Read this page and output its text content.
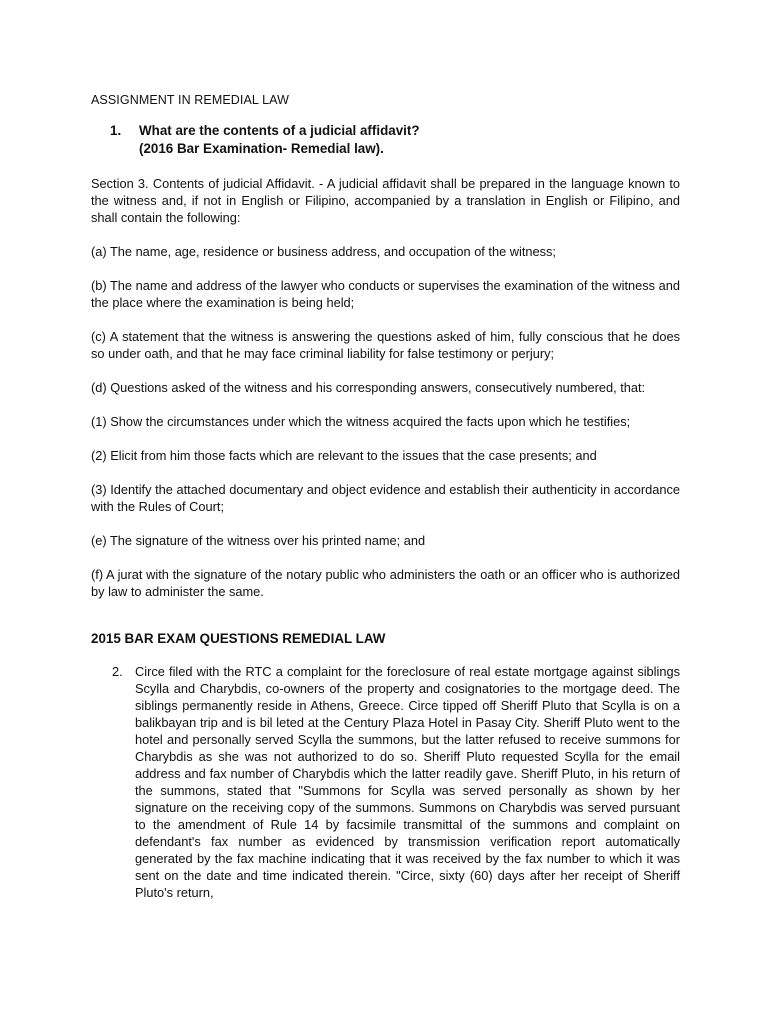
ASSIGNMENT IN REMEDIAL LAW
1.	What are the contents of a judicial affidavit?
(2016 Bar Examination- Remedial law).

Section 3. Contents of judicial Affidavit. - A judicial affidavit shall be prepared in the language known to the witness and, if not in English or Filipino, accompanied by a translation in English or Filipino, and shall contain the following:

(a) The name, age, residence or business address, and occupation of the witness;

(b) The name and address of the lawyer who conducts or supervises the examination of the witness and the place where the examination is being held;

(c) A statement that the witness is answering the questions asked of him, fully conscious that he does so under oath, and that he may face criminal liability for false testimony or perjury;

(d) Questions asked of the witness and his corresponding answers, consecutively numbered, that:

(1) Show the circumstances under which the witness acquired the facts upon which he testifies;

(2) Elicit from him those facts which are relevant to the issues that the case presents; and

(3) Identify the attached documentary and object evidence and establish their authenticity in accordance with the Rules of Court;

(e) The signature of the witness over his printed name; and

(f) A jurat with the signature of the notary public who administers the oath or an officer who is authorized by law to administer the same.

2015 BAR EXAM QUESTIONS REMEDIAL LAW
2. Circe filed with the RTC a complaint for the foreclosure of real estate mortgage against siblings Scylla and Charybdis, co-owners of the property and cosignatories to the mortgage deed. The siblings permanently reside in Athens, Greece. Circe tipped off Sheriff Pluto that Scylla is on a balikbayan trip and is bil leted at the Century Plaza Hotel in Pasay City. Sheriff Pluto went to the hotel and personally served Scylla the summons, but the latter refused to receive summons for Charybdis as she was not authorized to do so. Sheriff Pluto requested Scylla for the email address and fax number of Charybdis which the latter readily gave. Sheriff Pluto, in his return of the summons, stated that "Summons for Scylla was served personally as shown by her signature on the receiving copy of the summons. Summons on Charybdis was served pursuant to the amendment of Rule 14 by facsimile transmittal of the summons and complaint on defendant's fax number as evidenced by transmission verification report automatically generated by the fax machine indicating that it was received by the fax number to which it was sent on the date and time indicated therein. "Circe, sixty (60) days after her receipt of Sheriff Pluto's return,
